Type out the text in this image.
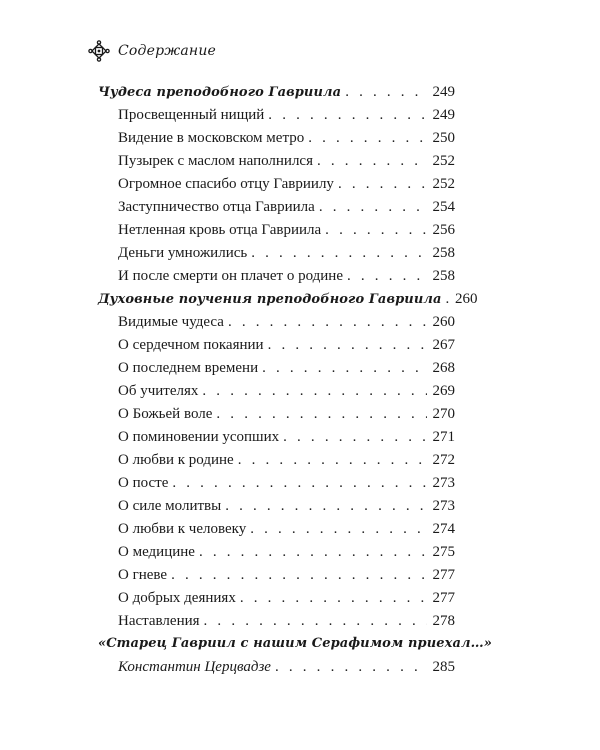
Содержание
Чудеса преподобного Гавриила . . .	249
Просвещенный нищий . . .	249
Видение в московском метро . . .	250
Пузырек с маслом наполнился . . .	252
Огромное спасибо отцу Гавриилу . . .	252
Заступничество отца Гавриила . . .	254
Нетленная кровь отца Гавриила . . .	256
Деньги умножились . . .	258
И после смерти он плачет о родине . . .	258
Духовные поучения преподобного Гавриила . . . 260
Видимые чудеса . . .	260
О сердечном покаянии . . .	267
О последнем времени . . .	268
Об учителях . . .	269
О Божьей воле . . .	270
О поминовении усопших . . .	271
О любви к родине . . .	272
О посте . . .	273
О силе молитвы . . .	273
О любви к человеку . . .	274
О медицине . . .	275
О гневе . . .	277
О добрых деяниях . . .	277
Наставления . . .	278
«Старец Гавриил с нашим Серафимом приехал…»
Константин Церцвадзе . . .	285
